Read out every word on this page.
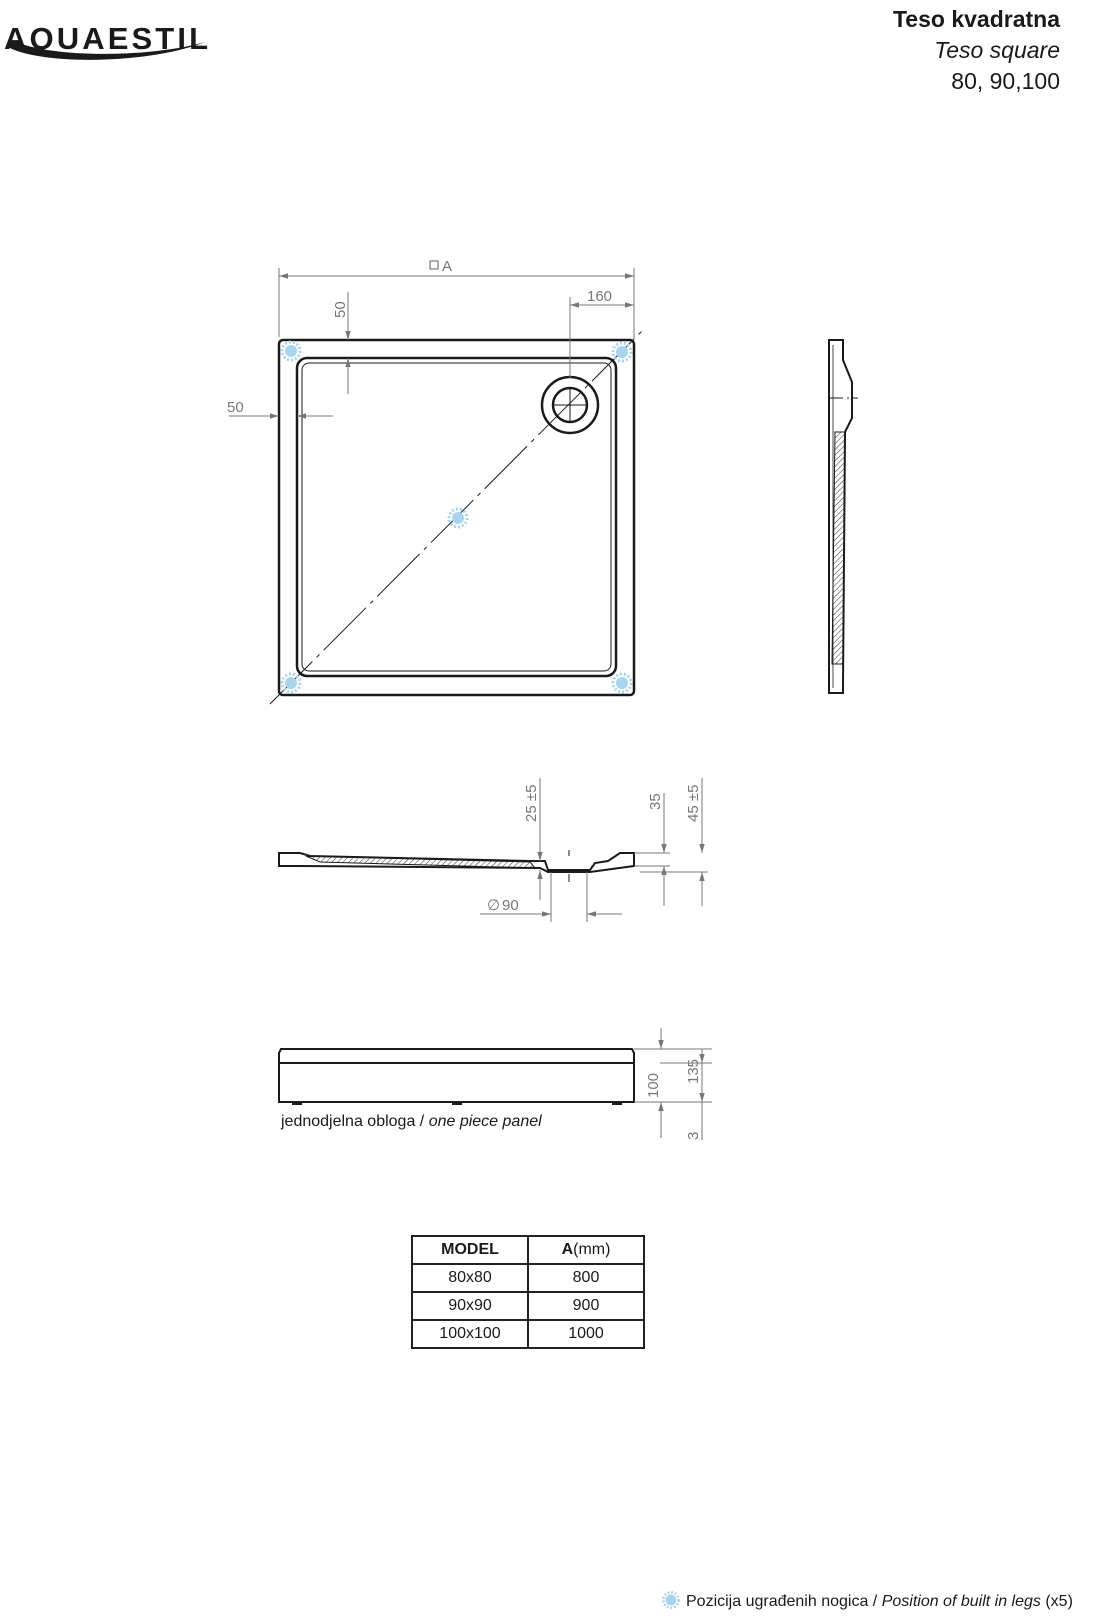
AQUAESTIL
Teso kvadratna
Teso square
80, 90,100
A
160
50
50
25 ±5	35 45 ±5
∅ 90
100
135
3
jednodjelna obloga / one piece panel
MODEL	A(mm)
80x80	800
90x90	900
100x100	1000
Pozicija ugrađenih nogica / Position of built in legs (x5)
